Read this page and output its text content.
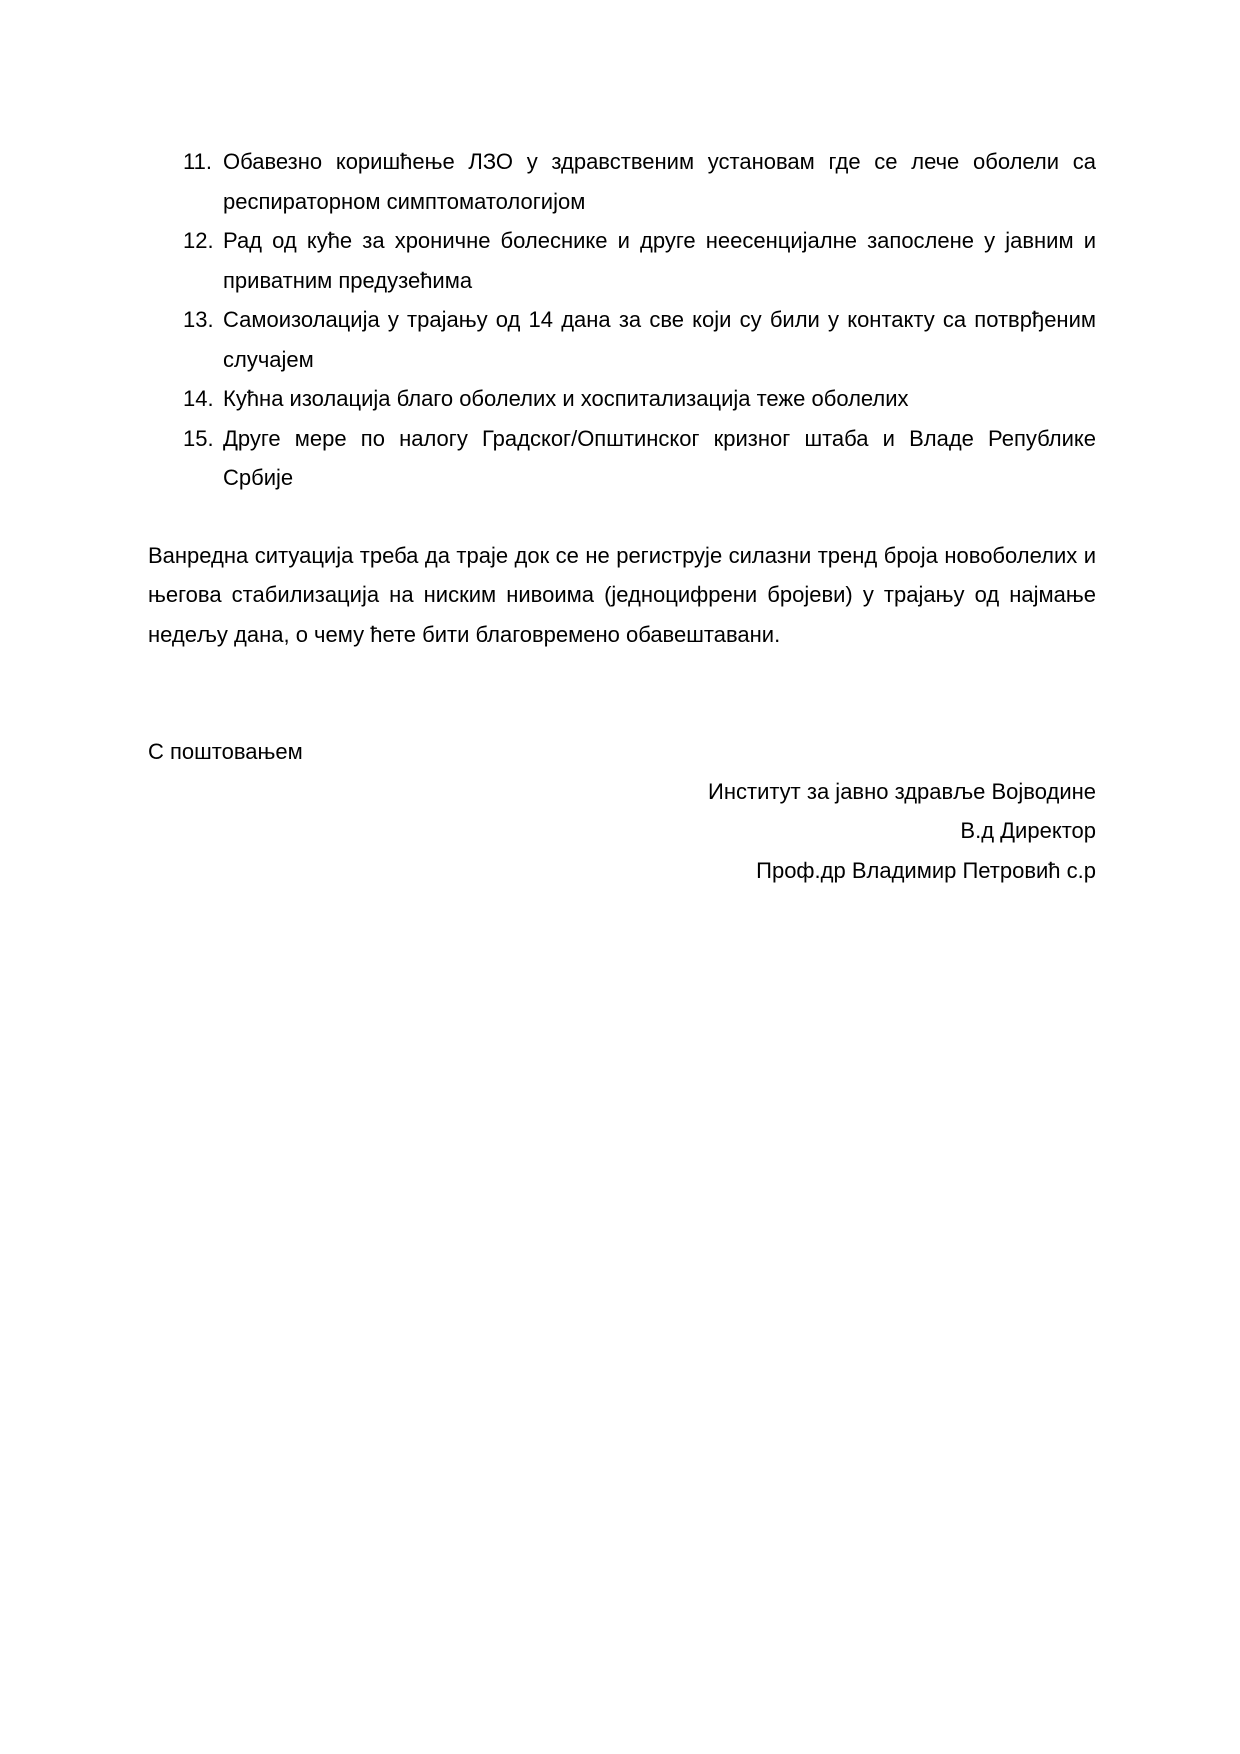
11. Обавезно коришћење ЛЗО у здравственим установам где се лече оболели са респираторном симптоматологијом
12. Рад од куће за хроничне болеснике и друге неесенцијалне запослене у јавним и приватним предузећима
13. Самоизолација у трајању од 14 дана за све који су били у контакту са потврђеним случајем
14. Кућна изолација благо оболелих и хоспитализација теже оболелих
15. Друге мере по налогу Градског/Општинског кризног штаба и Владе Републике Србије

Ванредна ситуација треба да траје док се не региструје силазни тренд броја новоболелих и његова стабилизација на ниским нивоима (једноцифрени бројеви) у трајању од најмање недељу дана, о чему ћете бити благовремено обавештавани.

С поштовањем
Институт за јавно здравље Војводине
В.д Директор
Проф.др Владимир Петровић с.р
